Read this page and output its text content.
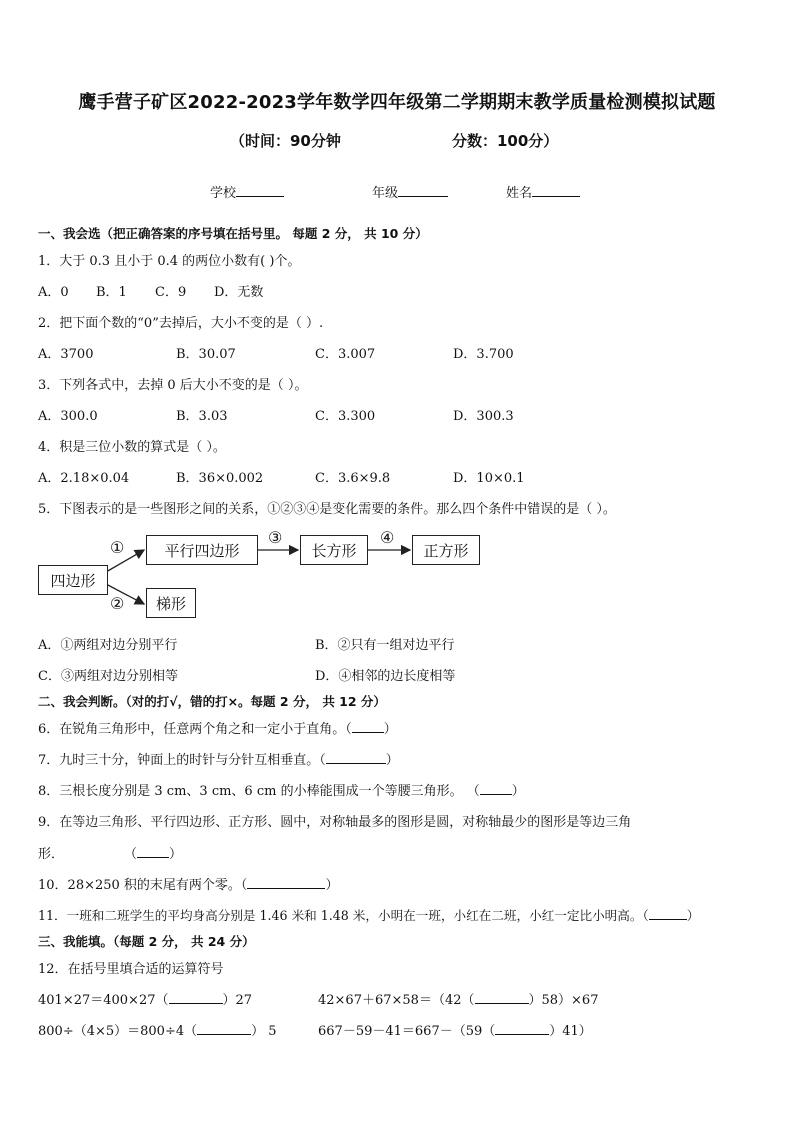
鹰手营子矿区2022-2023学年数学四年级第二学期期末教学质量检测模拟试题
（时间：90分钟	分数：100分）
学校	年级	姓名
一、我会选（把正确答案的序号填在括号里。 每题 2 分， 共 10 分）
1．大于 0.3 且小于 0.4 的两位小数有( )个。
A．0 B．1 C．9 D．无数
2．把下面个数的“0”去掉后，大小不变的是（ ）.
A．3700	B．30.07	C．3.007	D．3.700
3．下列各式中，去掉 0 后大小不变的是（ ）。
A．300.0	B．3.03	C．3.300	D．300.3
4．积是三位小数的算式是（ ）。
A．2.18×0.04	B．36×0.002	C．3.6×9.8	D．10×0.1
5．下图表示的是一些图形之间的关系，①②③④是变化需要的条件。那么四个条件中错误的是（ ）。
四边形
平行四边形	长方形	正方形
梯形
①
②
③	④
A．①两组对边分别平行	B．②只有一组对边平行
C．③两组对边分别相等	D．④相邻的边长度相等
二、我会判断。（对的打√，错的打×。每题 2 分， 共 12 分）
6．在锐角三角形中，任意两个角之和一定小于直角。（ ）
7．九时三十分，钟面上的时针与分针互相垂直。（	）
8．三根长度分别是 3 cm、3 cm、6 cm 的小棒能围成一个等腰三角形。 （ ）
9．在等边三角形、平行四边形、正方形、圆中，对称轴最多的图形是圆，对称轴最少的图形是等边三角
形．	（ ）
10．28×250 积的末尾有两个零。（	）
11．一班和二班学生的平均身高分别是 1.46 米和 1.48 米，小明在一班，小红在二班，小红一定比小明高。（	）
三、我能填。（每题 2 分， 共 24 分）
12．在括号里填合适的运算符号
401×27＝400×27（	）27	42×67＋67×58＝（42（	）58）×67
800÷（4×5）＝800÷4（	） 5	667－59－41＝667－（59（	）41）
